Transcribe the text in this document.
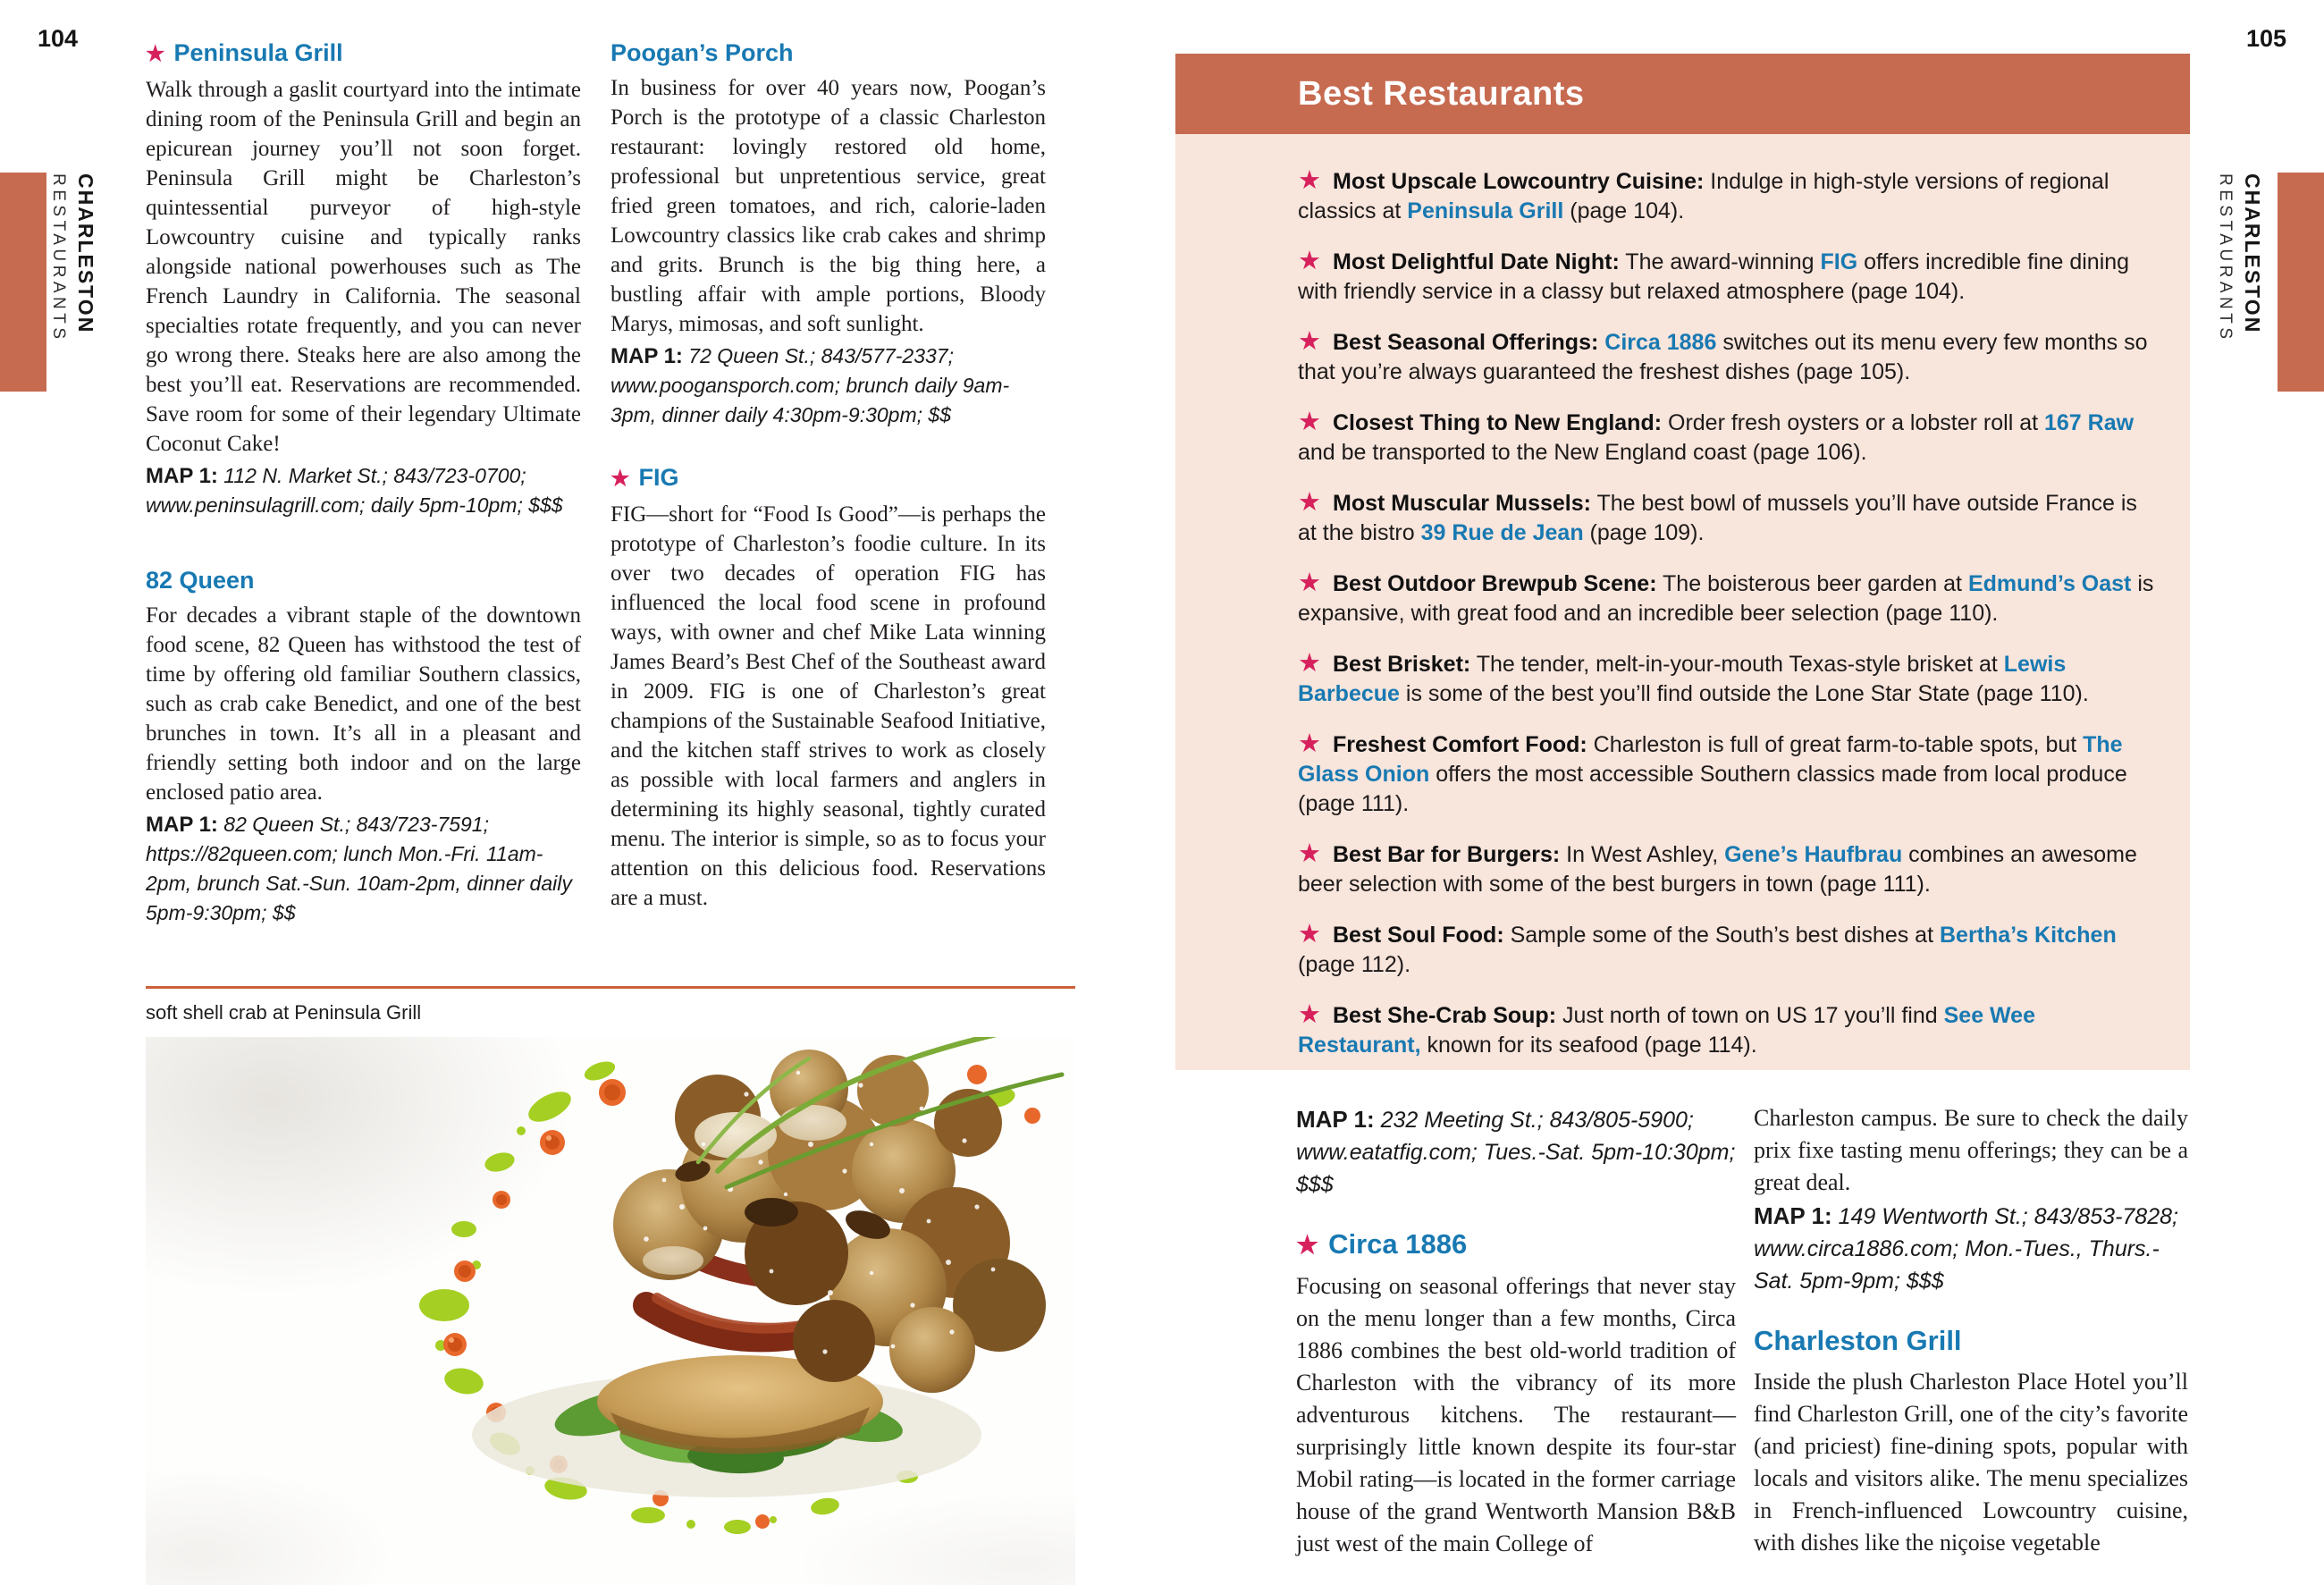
104	105
RESTAURANTS CHARLESTON	RESTAURANTS CHARLESTON
★ Peninsula Grill

Walk through a gaslit courtyard into the intimate dining room of the Peninsula Grill and begin an epicurean journey you’ll not soon forget. Peninsula Grill might be Charleston’s quintessential purveyor of high-style Lowcountry cuisine and typically ranks alongside national powerhouses such as The French Laundry in California. The seasonal specialties rotate frequently, and you can never go wrong there. Steaks here are also among the best you’ll eat. Reservations are recommended. Save room for some of their legendary Ultimate Coconut Cake!

MAP 1: 112 N. Market St.; 843/723-0700; www.peninsulagrill.com; daily 5pm-10pm; $$$

82 Queen

For decades a vibrant staple of the downtown food scene, 82 Queen has withstood the test of time by offering old familiar Southern classics, such as crab cake Benedict, and one of the best brunches in town. It’s all in a pleasant and friendly setting both indoor and on the large enclosed patio area.

MAP 1: 82 Queen St.; 843/723-7591; https://82queen.com; lunch Mon.-Fri. 11am-2pm, brunch Sat.-Sun. 10am-2pm, dinner daily 5pm-9:30pm; $$

Poogan’s Porch

In business for over 40 years now, Poogan’s Porch is the prototype of a classic Charleston restaurant: lovingly restored old home, professional but unpretentious service, great fried green tomatoes, and rich, calorie-laden Lowcountry classics like crab cakes and shrimp and grits. Brunch is the big thing here, a bustling affair with ample portions, Bloody Marys, mimosas, and soft sunlight.

MAP 1: 72 Queen St.; 843/577-2337; www.poogansporch.com; brunch daily 9am-3pm, dinner daily 4:30pm-9:30pm; $$

★ FIG

FIG—short for “Food Is Good”—is perhaps the prototype of Charleston’s foodie culture. In its over two decades of operation FIG has influenced the local food scene in profound ways, with owner and chef Mike Lata winning James Beard’s Best Chef of the Southeast award in 2009. FIG is one of Charleston’s great champions of the Sustainable Seafood Initiative, and the kitchen staff strives to work as closely as possible with local farmers and anglers in determining its highly seasonal, tightly curated menu. The interior is simple, so as to focus your attention on this delicious food. Reservations are a must.

soft shell crab at Peninsula Grill
Best Restaurants

★ Most Upscale Lowcountry Cuisine: Indulge in high-style versions of regional classics at Peninsula Grill (page 104).

★ Most Delightful Date Night: The award-winning FIG offers incredible fine dining with friendly service in a classy but relaxed atmosphere (page 104).

★ Best Seasonal Offerings: Circa 1886 switches out its menu every few months so that you’re always guaranteed the freshest dishes (page 105).

★ Closest Thing to New England: Order fresh oysters or a lobster roll at 167 Raw and be transported to the New England coast (page 106).

★ Most Muscular Mussels: The best bowl of mussels you’ll have outside France is at the bistro 39 Rue de Jean (page 109).

★ Best Outdoor Brewpub Scene: The boisterous beer garden at Edmund’s Oast is expansive, with great food and an incredible beer selection (page 110).

★ Best Brisket: The tender, melt-in-your-mouth Texas-style brisket at Lewis Barbecue is some of the best you’ll find outside the Lone Star State (page 110).

★ Freshest Comfort Food: Charleston is full of great farm-to-table spots, but The Glass Onion offers the most accessible Southern classics made from local produce (page 111).

★ Best Bar for Burgers: In West Ashley, Gene’s Haufbrau combines an awesome beer selection with some of the best burgers in town (page 111).

★ Best Soul Food: Sample some of the South’s best dishes at Bertha’s Kitchen (page 112).

★ Best She-Crab Soup: Just north of town on US 17 you’ll find See Wee Restaurant, known for its seafood (page 114).

MAP 1: 232 Meeting St.; 843/805-5900; www.eatatfig.com; Tues.-Sat. 5pm-10:30pm; $$$

★ Circa 1886

Focusing on seasonal offerings that never stay on the menu longer than a few months, Circa 1886 combines the best old-world tradition of Charleston with the vibrancy of its more adventurous kitchens. The restaurant—surprisingly little known despite its four-star Mobil rating—is located in the former carriage house of the grand Wentworth Mansion B&B just west of the main College of

Charleston campus. Be sure to check the daily prix fixe tasting menu offerings; they can be a great deal.

MAP 1: 149 Wentworth St.; 843/853-7828; www.circa1886.com; Mon.-Tues., Thurs.-Sat. 5pm-9pm; $$$

Charleston Grill

Inside the plush Charleston Place Hotel you’ll find Charleston Grill, one of the city’s favorite (and priciest) fine-dining spots, popular with locals and visitors alike. The menu specializes in French-influenced Lowcountry cuisine, with dishes like the niçoise vegetable
